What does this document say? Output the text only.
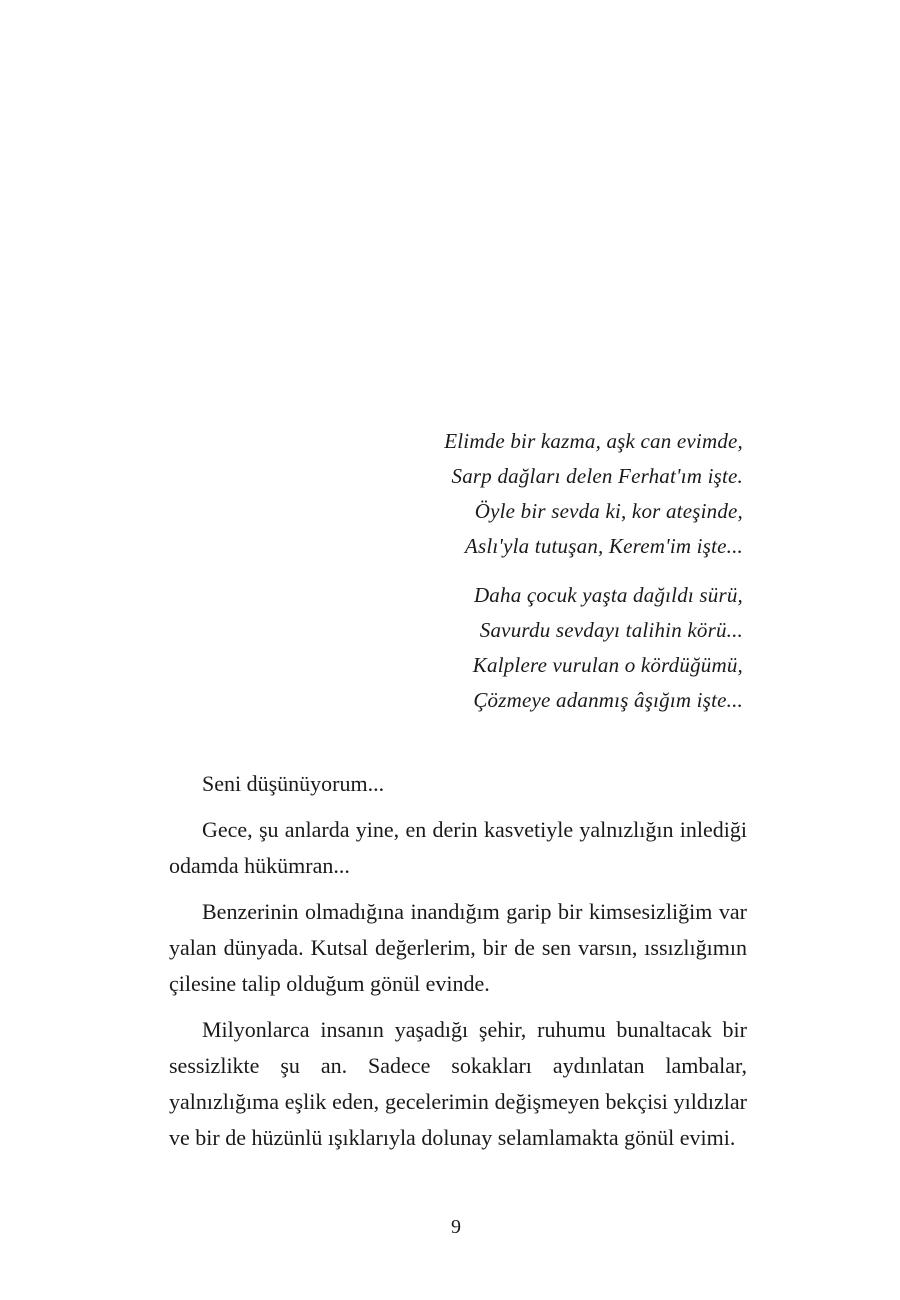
Elimde bir kazma, aşk can evimde,
Sarp dağları delen Ferhat'ım işte.
Öyle bir sevda ki, kor ateşinde,
Aslı'yla tutuşan, Kerem'im işte...
Daha çocuk yaşta dağıldı sürü,
Savurdu sevdayı talihin körü...
Kalplere vurulan o kördüğümü,
Çözmeye adanmış âşığım işte...

Seni düşünüyorum...

Gece, şu anlarda yine, en derin kasvetiyle yalnızlığın inlediği odamda hükümran...

Benzerinin olmadığına inandığım garip bir kimsesizliğim var yalan dünyada. Kutsal değerlerim, bir de sen varsın, ıssızlığımın çilesine talip olduğum gönül evinde.

Milyonlarca insanın yaşadığı şehir, ruhumu bunaltacak bir sessizlikte şu an. Sadece sokakları aydınlatan lambalar, yalnızlığıma eşlik eden, gecelerimin değişmeyen bekçisi yıldızlar ve bir de hüzünlü ışıklarıyla dolunay selamlamakta gönül evimi.

9
